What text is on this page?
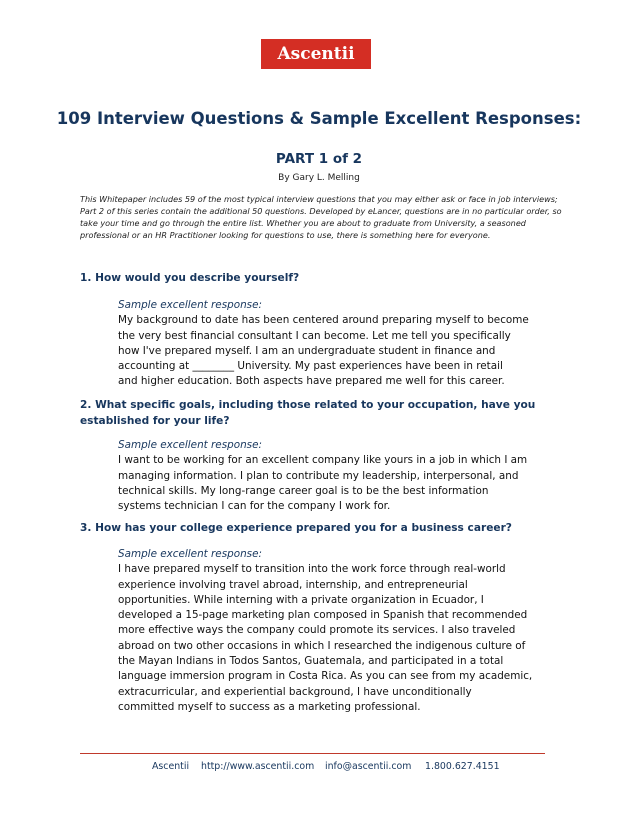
Ascentii
109 Interview Questions & Sample Excellent Responses:
PART 1 of 2
By Gary L. Melling
This Whitepaper includes 59 of the most typical interview questions that you may either ask or face in job interviews; Part 2 of this series contain the additional 50 questions. Developed by eLancer, questions are in no particular order, so take your time and go through the entire list. Whether you are about to graduate from University, a seasoned professional or an HR Practitioner looking for questions to use, there is something here for everyone.
1. How would you describe yourself?
Sample excellent response:
My background to date has been centered around preparing myself to become
the very best financial consultant I can become. Let me tell you specifically
how I've prepared myself. I am an undergraduate student in finance and
accounting at ________ University. My past experiences have been in retail
and higher education. Both aspects have prepared me well for this career.
2. What specific goals, including those related to your occupation, have you established for your life?
Sample excellent response:
I want to be working for an excellent company like yours in a job in which I am
managing information. I plan to contribute my leadership, interpersonal, and
technical skills. My long-range career goal is to be the best information
systems technician I can for the company I work for.
3. How has your college experience prepared you for a business career?
Sample excellent response:
I have prepared myself to transition into the work force through real-world
experience involving travel abroad, internship, and entrepreneurial
opportunities. While interning with a private organization in Ecuador, I
developed a 15-page marketing plan composed in Spanish that recommended
more effective ways the company could promote its services. I also traveled
abroad on two other occasions in which I researched the indigenous culture of
the Mayan Indians in Todos Santos, Guatemala, and participated in a total
language immersion program in Costa Rica. As you can see from my academic,
extracurricular, and experiential background, I have unconditionally
committed myself to success as a marketing professional.
Ascentii http://www.ascentii.com info@ascentii.com 1.800.627.4151
